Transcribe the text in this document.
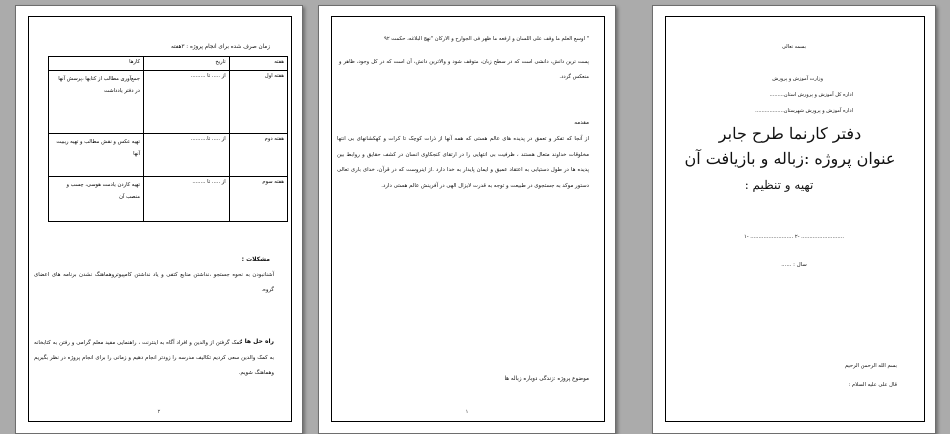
زمان صرف شده برای انجام پروژه : ۳هفته
هفته	تاریخ	کارها
هفته اول	از ..... تا .........	جمع‌آوری مطالب از کتابها ،پرسش آنها در دفتر یادداشت
هفته دوم	از ..... تا..........	تهیه عکس و نقش مطالب و تهیه ریبیت آنها
هفته سوم	از ..... تا ........	تهیه کاردن یادمت هوسی، چسب و منصب آن
مشکلات :
آشنانبودن به نحوه جستجو ،نداشتن منابع کتفی و یاد نداشتن کامپیوتروهماهنگ نشدن برنامه های اعضای گروه.
راه حل ها :
کمک گرفتن از والدین و افراد آگاه به اینترنت ، راهنمایی مفید معلم گرامی و رفتن به کتابخانه به کمک والدین سعی کردیم تکالیف مدرسه را زودتر انجام دهیم و زمانی را برای انجام پروژه در نظر بگیریم وهماهنگ شویم.
۲
" اوسع العلم ما وقف علی اللسان و ارفعه ما ظهر فی الجوارح و الارکان "نهج البلاغه، حکمت ۹۲
پست ترین دانش، دانشی است که در سطح زبان، متوقف شود و والاترین دانش، آن است که در کل وجود، ظاهر و منعکس گردد.
مقدمه
از آنجا که تفکر و تعمق در پدیده های عالم هستی که همه آنها از ذرات کوچک تا کرات و کهکشانهای بی انتها مخلوقات خداوند متعال هستند ، ظرفیت بی انتهایی را در ارتقای کنجکاوی انسان در کشف حقایق و روابط بین پدیده ها در طول دستیابی به اعتقاد عمیق و ایمان پایدار به خدا دارد .از اینروست که در قرآن، خدای باری تعالی دستور موکد به جستجوی در طبیعت و توجه به قدرت لایزال الهی در آفرینش عالم هستی دارد.
موضوع پروژه :زندگی دوباره زباله ها
۱
بسمه تعالی
وزارت آموزش و پرورش
اداره کل آموزش و پرورش استان.........
اداره آموزش و پرورش شهرستان..................
دفتر کارنما طرح جابر
عنوان پروژه :زباله و بازیافت آن
تهیه و تنظیم :
۱- .......................... ۲- ..........................
سال : ......
بسم الله الرحمن الرحیم
قال علی علیه السلام :
